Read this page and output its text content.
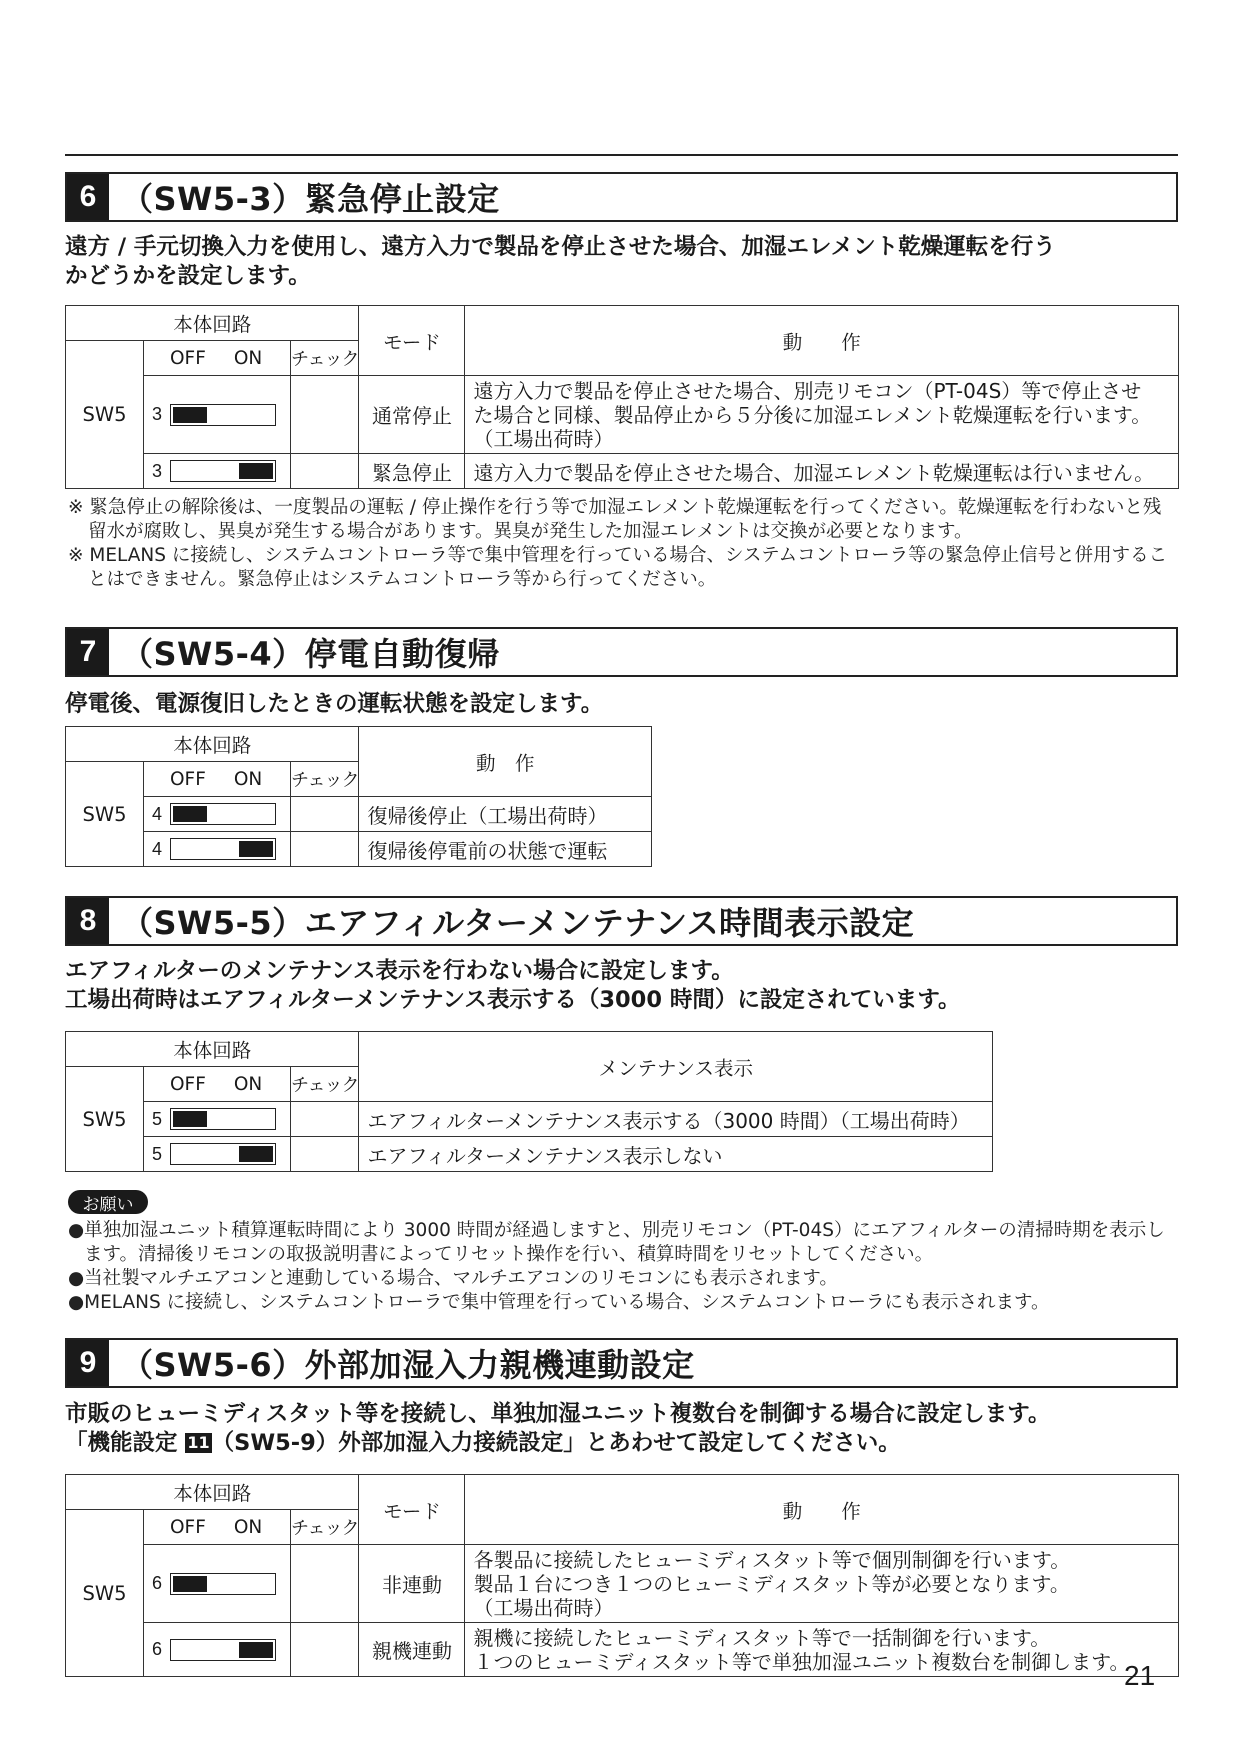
6 （SW5-3）緊急停止設定
遠方 / 手元切換入力を使用し、遠方入力で製品を停止させた場合、加湿エレメント乾燥運転を行う
かどうかを設定します。
本体回路			モード	動　　作
SW5	OFF ON	チェック		

	3		通常停止	遠方入力で製品を停止させた場合、別売リモコン（PT-04S）等で停止させ
た場合と同様、製品停止から５分後に加湿エレメント乾燥運転を行います。
（工場出荷時）

	3		緊急停止	遠方入力で製品を停止させた場合、加湿エレメント乾燥運転は行いません。

※ 緊急停止の解除後は、一度製品の運転 / 停止操作を行う等で加湿エレメント乾燥運転を行ってください。乾燥運転を行わないと残留水が腐敗し、異臭が発生する場合があります。異臭が発生した加湿エレメントは交換が必要となります。

※ MELANS に接続し、システムコントローラ等で集中管理を行っている場合、システムコントローラ等の緊急停止信号と併用することはできません。緊急停止はシステムコントローラ等から行ってください。

7 （SW5-4）停電自動復帰
停電後、電源復旧したときの運転状態を設定します。
本体回路			動　作
SW5	OFF ON	チェック	

	4		復帰後停止（工場出荷時）

	4		復帰後停電前の状態で運転
8 （SW5-5）エアフィルターメンテナンス時間表示設定
エアフィルターのメンテナンス表示を行わない場合に設定します。
工場出荷時はエアフィルターメンテナンス表示する（3000 時間）に設定されています。
本体回路			メンテナンス表示
SW5	OFF ON	チェック	

	5		エアフィルターメンテナンス表示する（3000 時間）（工場出荷時）

	5		エアフィルターメンテナンス表示しない
お願い

●単独加湿ユニット積算運転時間により 3000 時間が経過しますと、別売リモコン（PT-04S）にエアフィルターの清掃時期を表示します。清掃後リモコンの取扱説明書によってリセット操作を行い、積算時間をリセットしてください。

●当社製マルチエアコンと連動している場合、マルチエアコンのリモコンにも表示されます。

●MELANS に接続し、システムコントローラで集中管理を行っている場合、システムコントローラにも表示されます。

9 （SW5-6）外部加湿入力親機連動設定
市販のヒューミディスタット等を接続し、単独加湿ユニット複数台を制御する場合に設定します。
「機能設定 11（SW5-9）外部加湿入力接続設定」とあわせて設定してください。
本体回路			モード	動　　作
SW5	OFF ON	チェック		

	6		非連動	各製品に接続したヒューミディスタット等で個別制御を行います。
製品１台につき１つのヒューミディスタット等が必要となります。
（工場出荷時）

	6		親機連動	親機に接続したヒューミディスタット等で一括制御を行います。
１つのヒューミディスタット等で単独加湿ユニット複数台を制御します。
21
